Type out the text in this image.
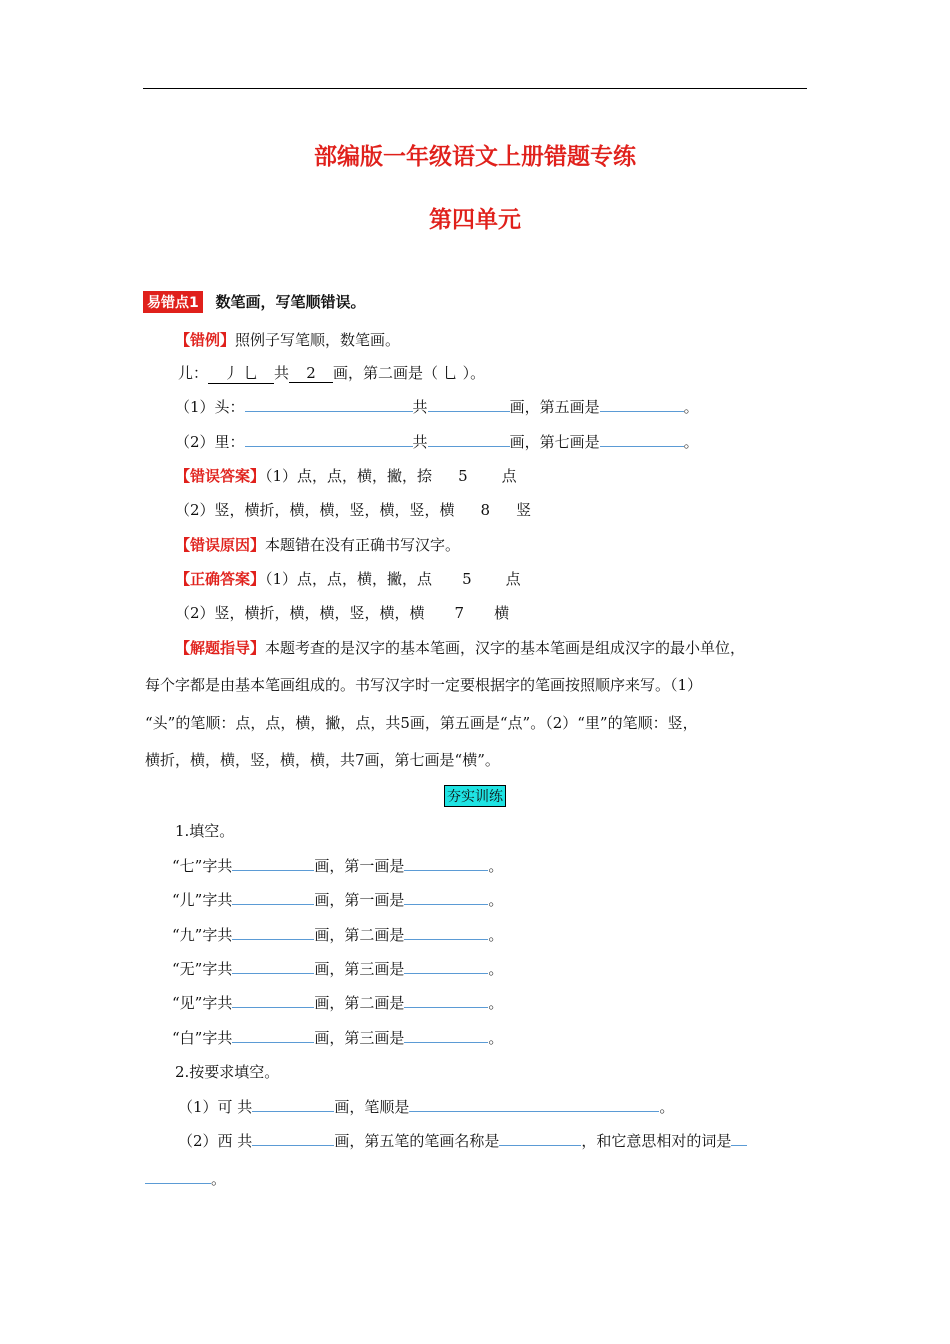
部编版一年级语文上册错题专练
第四单元
易错点1 数笔画，写笔顺错误。
【错例】照例子写笔顺，数笔画。
儿： 丿 乚 共 2 画，第二画是（ 乚 ）。
（1）头：	共	画，第五画是	。
（2）里：	共	画，第七画是	。
【错误答案】（1）点，点，横，撇，捺 5 点
（2）竖，横折，横，横，竖，横，竖，横 8 竖
【错误原因】本题错在没有正确书写汉字。
【正确答案】（1）点，点，横，撇，点 5 点
（2）竖，横折，横，横，竖，横，横 7 横
【解题指导】本题考查的是汉字的基本笔画，汉字的基本笔画是组成汉字的最小单位，
每个字都是由基本笔画组成的。书写汉字时一定要根据字的笔画按照顺序来写。（1）
“头”的笔顺：点，点，横，撇，点，共5画，第五画是“点”。（2）“里”的笔顺：竖，
横折，横，横，竖，横，横，共7画，第七画是“横”。
夯实训练
1.填空。
“七”字共	画，第一画是	。
“儿”字共	画，第一画是	。
“九”字共	画，第二画是	。
“无”字共	画，第三画是	。
“见”字共	画，第二画是	。
“白”字共	画，第三画是	。
2.按要求填空。
（1）可 共	画，笔顺是	。
（2）西 共	画，第五笔的笔画名称是	，和它意思相对的词是
。
